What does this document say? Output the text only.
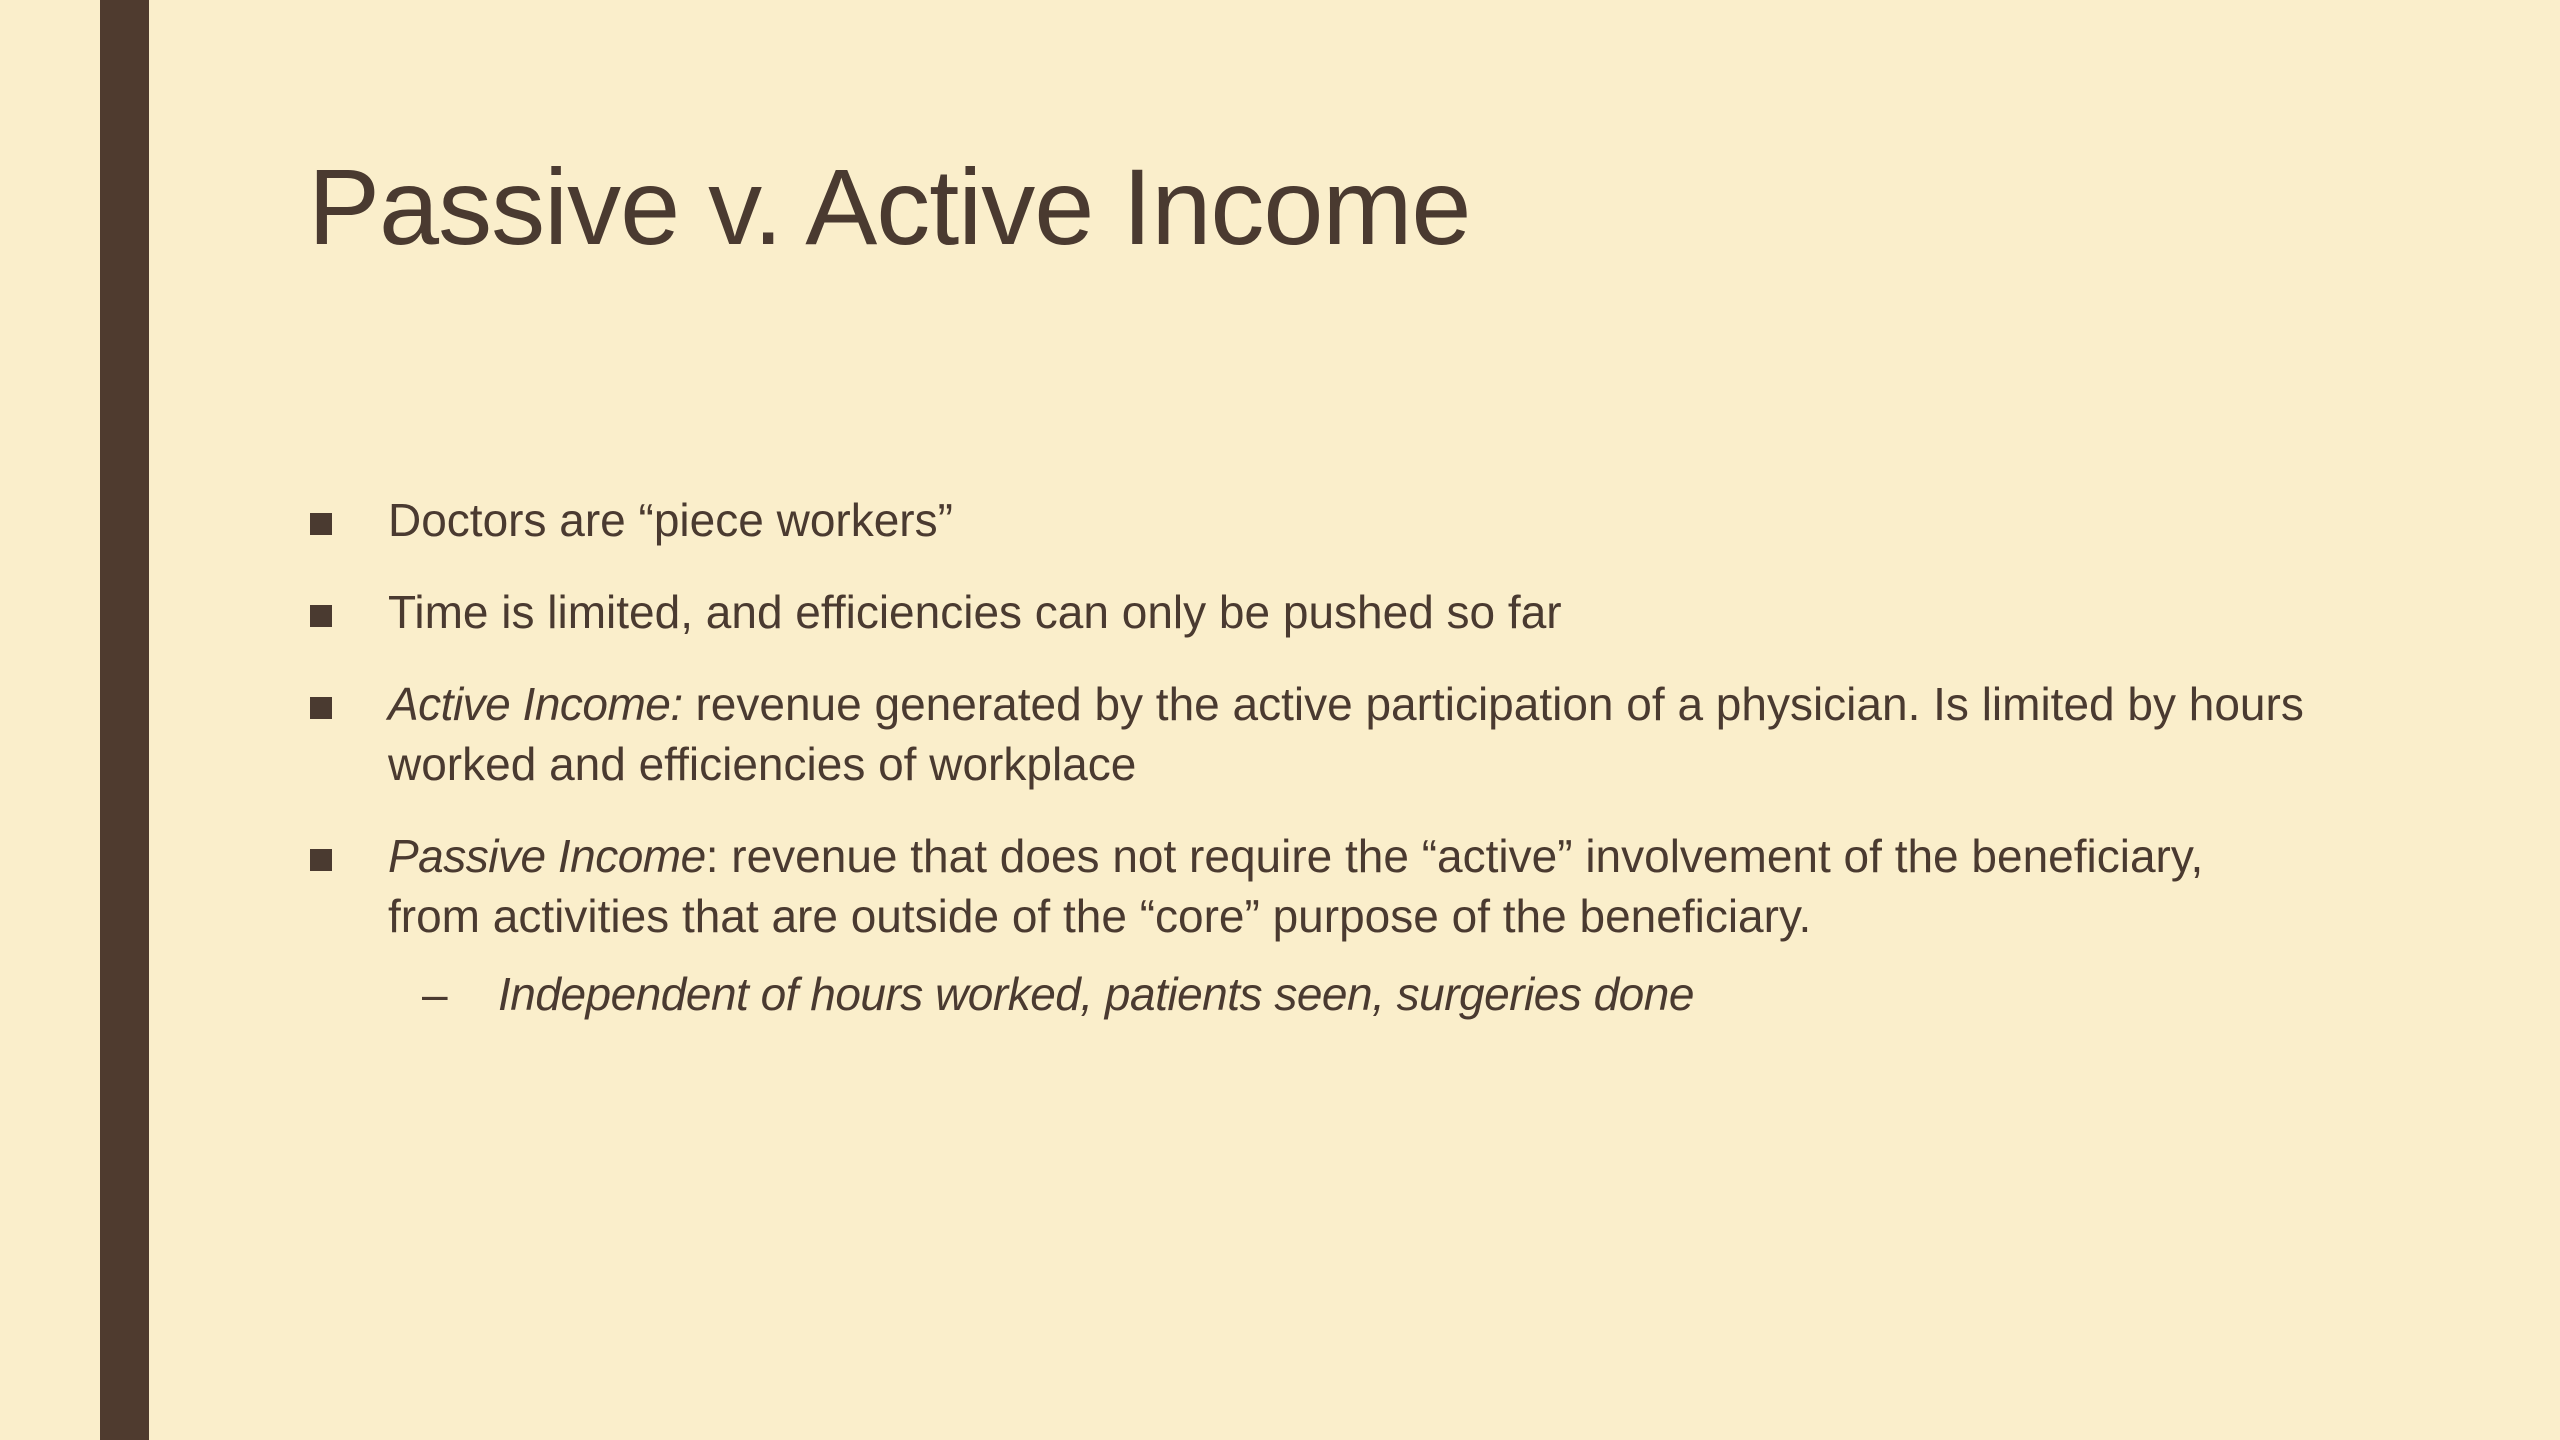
Passive v. Active Income
Doctors are “piece workers”
Time is limited, and efficiencies can only be pushed so far
Active Income: revenue generated by the active participation of a physician. Is limited by hours worked and efficiencies of workplace
Passive Income: revenue that does not require the “active” involvement of the beneficiary, from activities that are outside of the “core” purpose of the beneficiary.
– Independent of hours worked, patients seen, surgeries done
